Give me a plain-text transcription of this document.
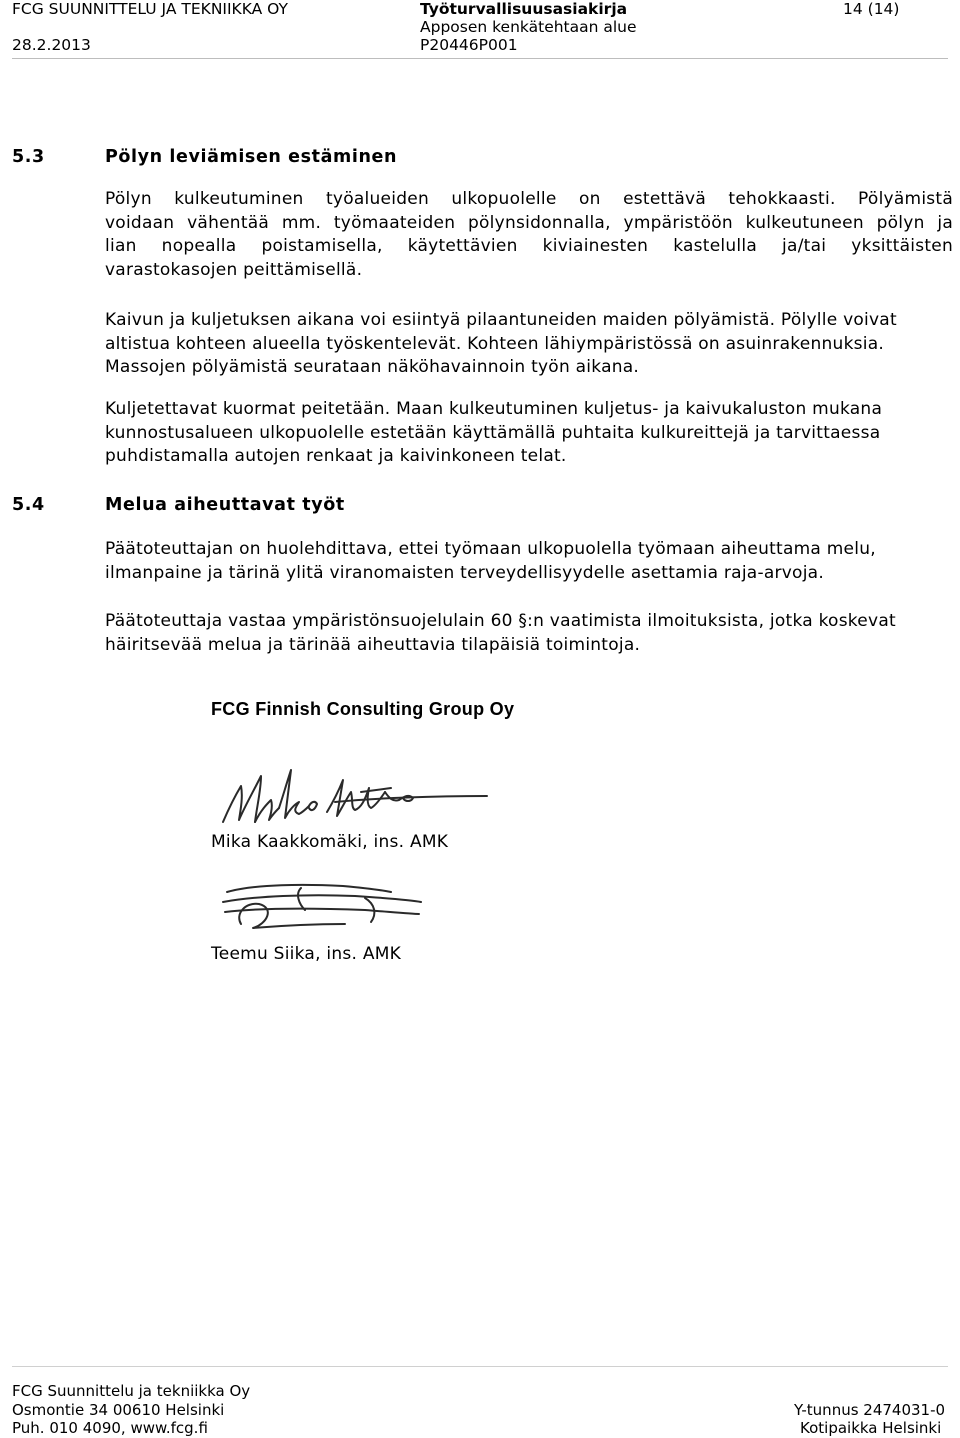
FCG SUUNNITTELU JA TEKNIIKKA OY	Työturvallisuusasiakirja	14 (14)
Apposen kenkätehtaan alue
28.2.2013	P20446P001
5.3	Pölyn leviämisen estäminen
Pölyn kulkeutuminen työalueiden ulkopuolelle on estettävä tehokkaasti. Pölyämistä
voidaan vähentää mm. työmaateiden pölynsidonnalla, ympäristöön kulkeutuneen pölyn ja
lian nopealla poistamisella, käytettävien kiviainesten kastelulla ja/tai yksittäisten
varastokasojen peittämisellä.
Kaivun ja kuljetuksen aikana voi esiintyä pilaantuneiden maiden pölyämistä. Pölylle voivat
altistua kohteen alueella työskentelevät. Kohteen lähiympäristössä on asuinrakennuksia.
Massojen pölyämistä seurataan näköhavainnoin työn aikana.
Kuljetettavat kuormat peitetään. Maan kulkeutuminen kuljetus- ja kaivukaluston mukana
kunnostusalueen ulkopuolelle estetään käyttämällä puhtaita kulkureittejä ja tarvittaessa
puhdistamalla autojen renkaat ja kaivinkoneen telat.
5.4	Melua aiheuttavat työt
Päätoteuttajan on huolehdittava, ettei työmaan ulkopuolella työmaan aiheuttama melu,
ilmanpaine ja tärinä ylitä viranomaisten terveydellisyydelle asettamia raja-arvoja.
Päätoteuttaja vastaa ympäristönsuojelulain 60 §:n vaatimista ilmoituksista, jotka koskevat
häiritsevää melua ja tärinää aiheuttavia tilapäisiä toimintoja.
FCG Finnish Consulting Group Oy
Mika Kaakkomäki, ins. AMK
Teemu Siika, ins. AMK
FCG Suunnittelu ja tekniikka Oy
Osmontie 34 00610 Helsinki
Puh. 010 4090, www.fcg.fi
Y-tunnus 2474031-0
Kotipaikka Helsinki
